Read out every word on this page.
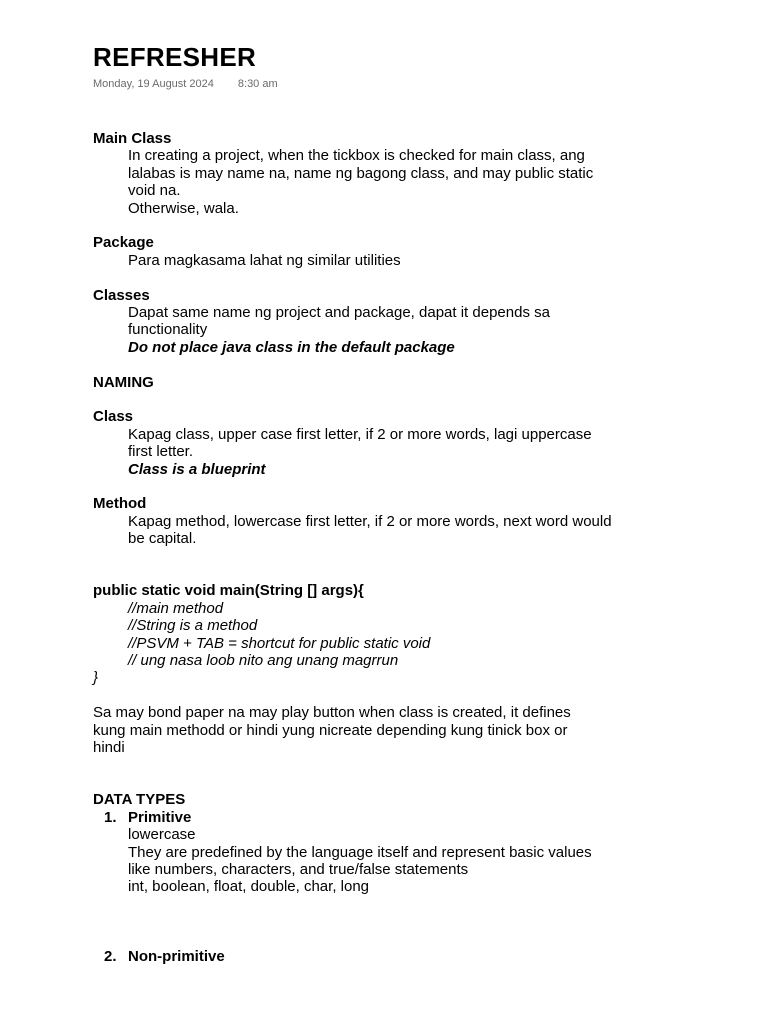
REFRESHER
Monday, 19 August 2024 8:30 am
Main Class
In creating a project, when the tickbox is checked for main class, ang
lalabas is may name na, name ng bagong class, and may public static
void na.
Otherwise, wala.
Package
Para magkasama lahat ng similar utilities
Classes
Dapat same name ng project and package, dapat it depends sa
functionality
Do not place java class in the default package
NAMING
Class
Kapag class, upper case first letter, if 2 or more words, lagi uppercase
first letter.
Class is a blueprint
Method
Kapag method, lowercase first letter, if 2 or more words, next word would
be capital.
public static void main(String [] args){
//main method
//String is a method
//PSVM + TAB = shortcut for public static void
// ung nasa loob nito ang unang magrrun
}
Sa may bond paper na may play button when class is created, it defines
kung main methodd or hindi yung nicreate depending kung tinick box or
hindi
DATA TYPES
1. Primitive
lowercase
They are predefined by the language itself and represent basic values
like numbers, characters, and true/false statements
int, boolean, float, double, char, long
2. Non-primitive
